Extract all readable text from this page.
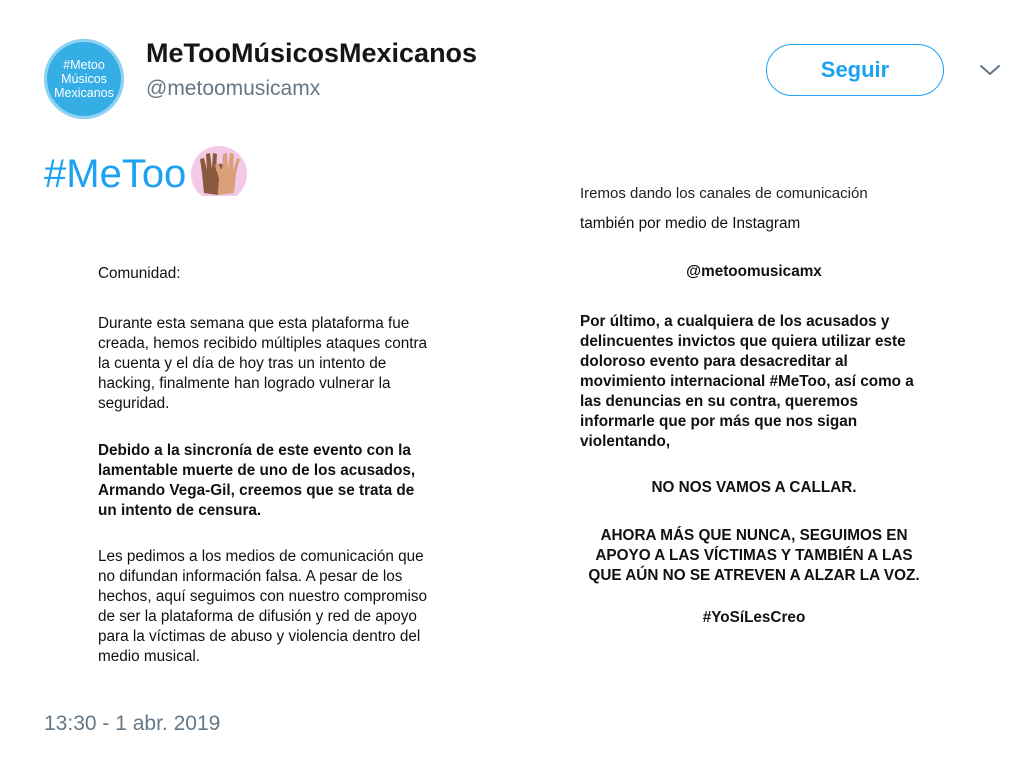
#Metoo
Músicos
Mexicanos
MeTooMúsicosMexicanos
@metoomusicamx
Seguir
#MeToo

Comunidad:

Durante esta semana que esta plataforma fue

creada, hemos recibido múltiples ataques contra

la cuenta y el día de hoy tras un intento de

hacking, finalmente han logrado vulnerar la

seguridad.

Debido a la sincronía de este evento con la

lamentable muerte de uno de los acusados,

Armando Vega-Gil, creemos que se trata de

un intento de censura.

Les pedimos a los medios de comunicación que

no difundan información falsa. A pesar de los

hechos, aquí seguimos con nuestro compromiso

de ser la plataforma de difusión y red de apoyo

para la víctimas de abuso y violencia dentro del

medio musical.

Iremos dando los canales de comunicación

también por medio de Instagram

@metoomusicamx

Por último, a cualquiera de los acusados y

delincuentes invictos que quiera utilizar este

doloroso evento para desacreditar al

movimiento internacional #MeToo, así como a

las denuncias en su contra, queremos

informarle que por más que nos sigan

violentando,

NO NOS VAMOS A CALLAR.

AHORA MÁS QUE NUNCA, SEGUIMOS EN

APOYO A LAS VÍCTIMAS Y TAMBIÉN A LAS

QUE AÚN NO SE ATREVEN A ALZAR LA VOZ.

#YoSíLesCreo

13:30 - 1 abr. 2019
